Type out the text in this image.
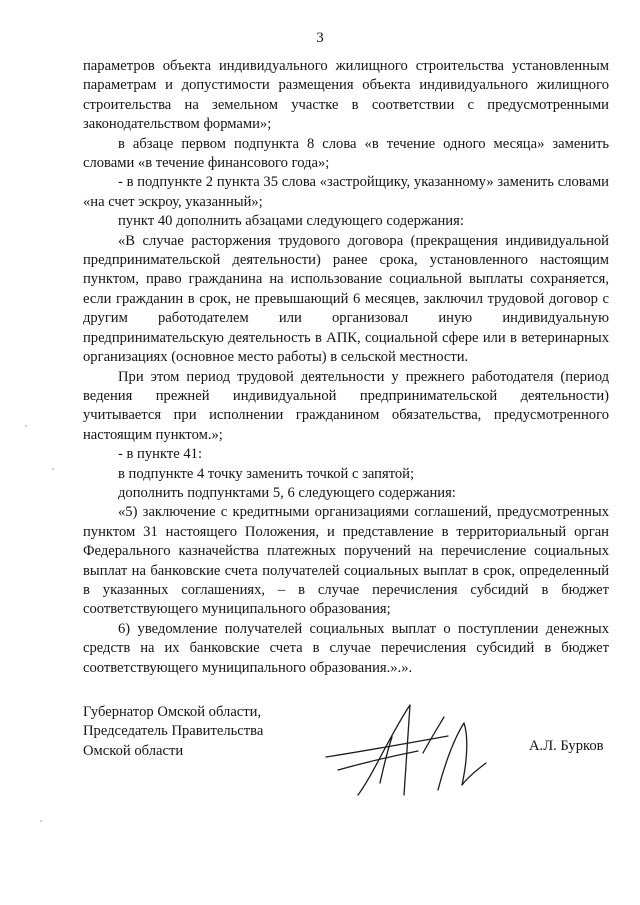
3

параметров объекта индивидуального жилищного строительства установленным параметрам и допустимости размещения объекта индивидуального жилищного строительства на земельном участке в соответствии с предусмотренными законодательством формами»;

в абзаце первом подпункта 8 слова «в течение одного месяца» заменить словами «в течение финансового года»;

- в подпункте 2 пункта 35 слова «застройщику, указанному» заменить словами «на счет эскроу, указанный»;

пункт 40 дополнить абзацами следующего содержания:

«В случае расторжения трудового договора (прекращения индивидуальной предпринимательской деятельности) ранее срока, установленного настоящим пунктом, право гражданина на использование социальной выплаты сохраняется, если гражданин в срок, не превышающий 6 месяцев, заключил трудовой договор с другим работодателем или организовал иную индивидуальную предпринимательскую деятельность в АПК, социальной сфере или в ветеринарных организациях (основное место работы) в сельской местности.

При этом период трудовой деятельности у прежнего работодателя (период ведения прежней индивидуальной предпринимательской деятельности) учитывается при исполнении гражданином обязательства, предусмотренного настоящим пунктом.»;

- в пункте 41:

в подпункте 4 точку заменить точкой с запятой;

дополнить подпунктами 5, 6 следующего содержания:

«5) заключение с кредитными организациями соглашений, предусмотренных пунктом 31 настоящего Положения, и представление в территориальный орган Федерального казначейства платежных поручений на перечисление социальных выплат на банковские счета получателей социальных выплат в срок, определенный в указанных соглашениях, – в случае перечисления субсидий в бюджет соответствующего муниципального образования;

6) уведомление получателей социальных выплат о поступлении денежных средств на их банковские счета в случае перечисления субсидий в бюджет соответствующего муниципального образования.».».

Губернатор Омской области,
Председатель Правительства
Омской области	А.Л. Бурков
